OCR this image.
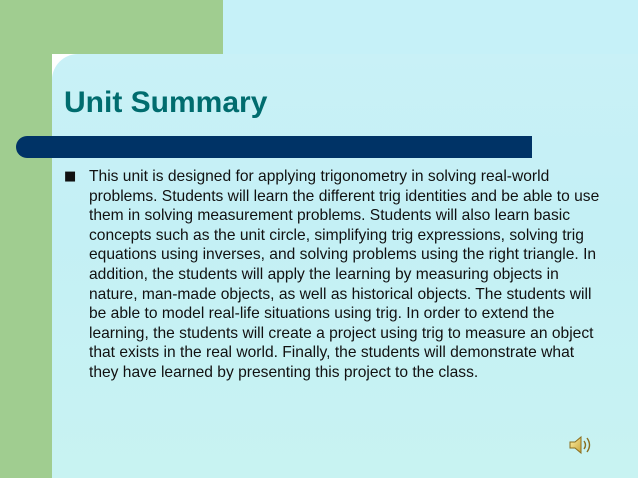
Unit Summary
■ This unit is designed for applying trigonometry in solving real-world problems. Students will learn the different trig identities and be able to use them in solving measurement problems. Students will also learn basic concepts such as the unit circle, simplifying trig expressions, solving trig equations using inverses, and solving problems using the right triangle. In addition, the students will apply the learning by measuring objects in nature, man-made objects, as well as historical objects. The students will be able to model real-life situations using trig. In order to extend the learning, the students will create a project using trig to measure an object that exists in the real world. Finally, the students will demonstrate what they have learned by presenting this project to the class.
